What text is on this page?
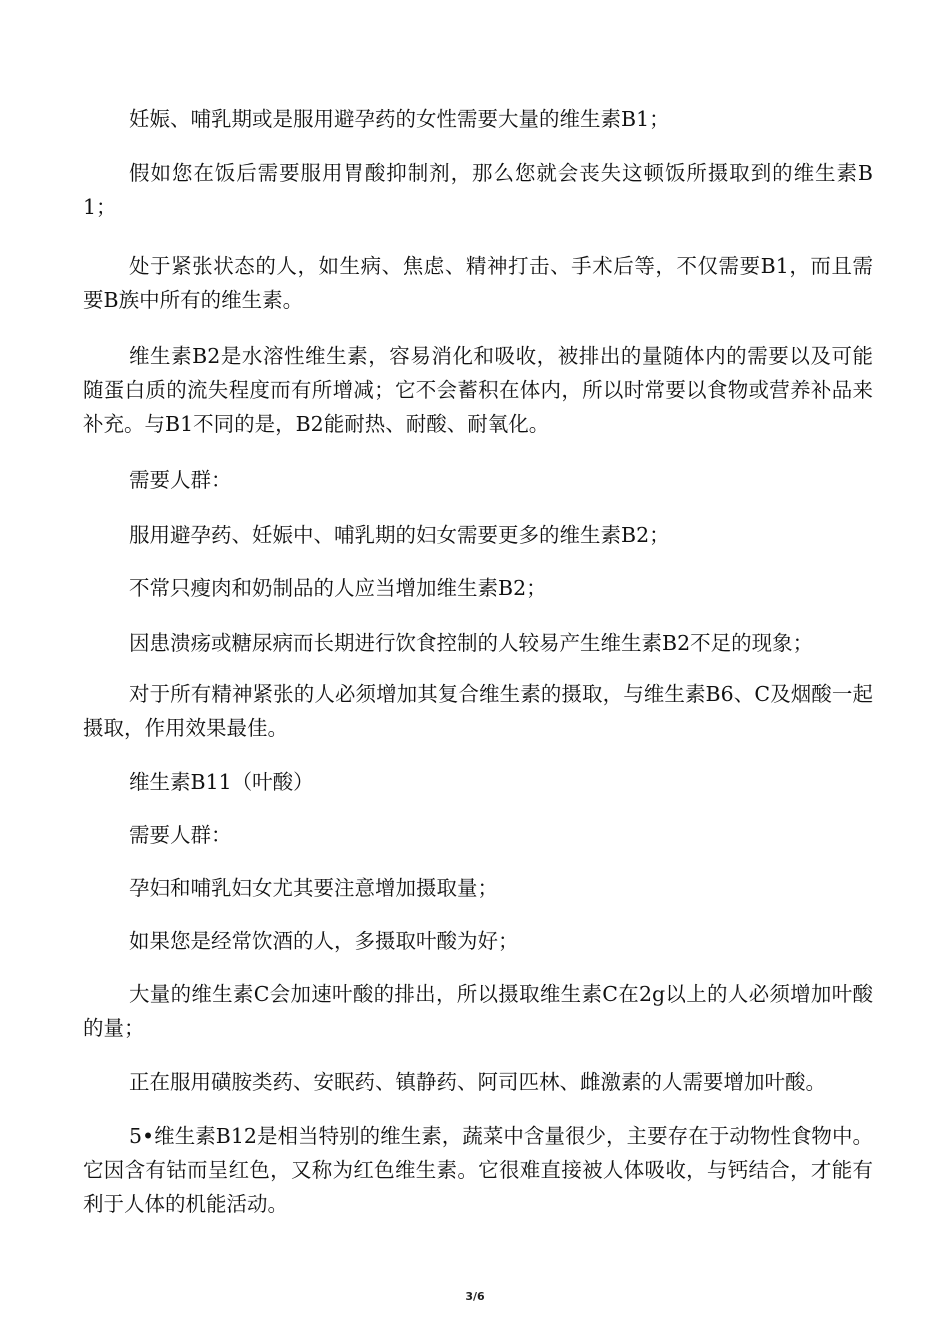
妊娠、哺乳期或是服用避孕药的女性需要大量的维生素B1；

假如您在饭后需要服用胃酸抑制剂，那么您就会丧失这顿饭所摄取到的维生素B1；

处于紧张状态的人，如生病、焦虑、精神打击、手术后等，不仅需要B1，而且需要B族中所有的维生素。

维生素B2是水溶性维生素，容易消化和吸收，被排出的量随体内的需要以及可能随蛋白质的流失程度而有所增减；它不会蓄积在体内，所以时常要以食物或营养补品来补充。与B1不同的是，B2能耐热、耐酸、耐氧化。

需要人群：

服用避孕药、妊娠中、哺乳期的妇女需要更多的维生素B2；

不常只瘦肉和奶制品的人应当增加维生素B2；

因患溃疡或糖尿病而长期进行饮食控制的人较易产生维生素B2不足的现象；

对于所有精神紧张的人必须增加其复合维生素的摄取，与维生素B6、C及烟酸一起摄取，作用效果最佳。

维生素B11（叶酸）

需要人群：

孕妇和哺乳妇女尤其要注意增加摄取量；

如果您是经常饮酒的人，多摄取叶酸为好；

大量的维生素C会加速叶酸的排出，所以摄取维生素C在2g以上的人必须增加叶酸的量；

正在服用磺胺类药、安眠药、镇静药、阿司匹林、雌激素的人需要增加叶酸。

5•维生素B12是相当特别的维生素，蔬菜中含量很少，主要存在于动物性食物中。它因含有钴而呈红色，又称为红色维生素。它很难直接被人体吸收，与钙结合，才能有利于人体的机能活动。

3/6
